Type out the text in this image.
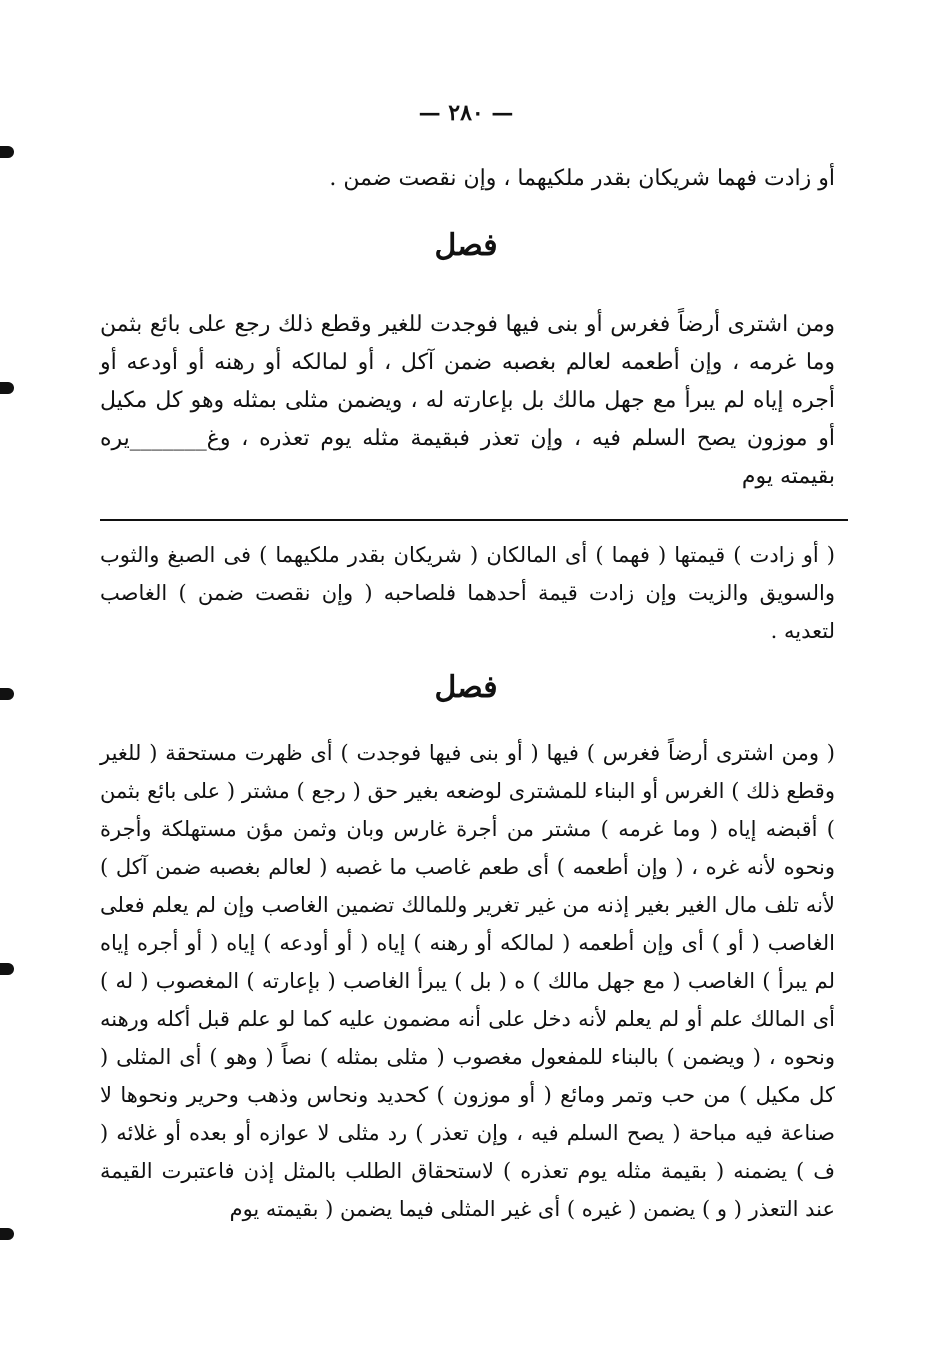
— ٢٨٠ —

أو زادت فهما شريكان بقدر ملكيهما ، وإن نقصت ضمن .

فصل

ومن اشترى أرضاً فغرس أو بنى فيها فوجدت للغير وقطع ذلك رجع على بائع بثمن وما غرمه ، وإن أطعمه لعالم بغصبه ضمن آكل ، أو لمالكه أو رهنه أو أودعه أو أجره إياه لم يبرأ مع جهل مالك بل بإعارته له ، ويضمن مثلى بمثله وهو كل مكيل أو موزون يصح السلم فيه ، وإن تعذر فبقيمة مثله يوم تعذره ، وغ_______يره بقيمته يوم

( أو زادت ) قيمتها ( فهما ) أى المالكان ( شريكان بقدر ملكيهما ) فى الصبغ والثوب والسويق والزيت وإن زادت قيمة أحدهما فلصاحبه ( وإن نقصت ضمن ) الغاصب لتعديه .

فصل

( ومن اشترى أرضاً فغرس ) فيها ( أو بنى فيها فوجدت ) أى ظهرت مستحقة ( للغير وقطع ذلك ) الغرس أو البناء للمشترى لوضعه بغير حق ( رجع ) مشتر ( على بائع بثمن ) أقبضه إياه ( وما غرمه ) مشتر من أجرة غارس وبان وثمن مؤن مستهلكة وأجرة ونحوه لأنه غره ، ( وإن أطعمه ) أى طعم غاصب ما غصبه ( لعالم بغصبه ضمن آكل ) لأنه تلف مال الغير بغير إذنه من غير تغرير وللمالك تضمين الغاصب وإن لم يعلم فعلى الغاصب ( أو ) أى وإن أطعمه ( لمالكه أو رهنه ) إياه ( أو أودعه ) إياه ( أو أجره إياه لم يبرأ ) الغاصب ( مع جهل مالك ) ه ( بل ) يبرأ الغاصب ( بإعارته ) المغصوب ( له ) أى المالك علم أو لم يعلم لأنه دخل على أنه مضمون عليه كما لو علم قبل أكله ورهنه ونحوه ، ( ويضمن ) بالبناء للمفعول مغصوب ( مثلى بمثله ) نصاً ( وهو ) أى المثلى ( كل مكيل ) من حب وتمر ومائع ( أو موزون ) كحديد ونحاس وذهب وحرير ونحوها لا صناعة فيه مباحة ( يصح السلم فيه ، وإن تعذر ) رد مثلى لا عوازه أو بعده أو غلائه ( ف ) يضمنه ( بقيمة مثله يوم تعذره ) لاستحقاق الطلب بالمثل إذن فاعتبرت القيمة عند التعذر ( و ) يضمن ( غيره ) أى غير المثلى فيما يضمن ( بقيمته يوم
